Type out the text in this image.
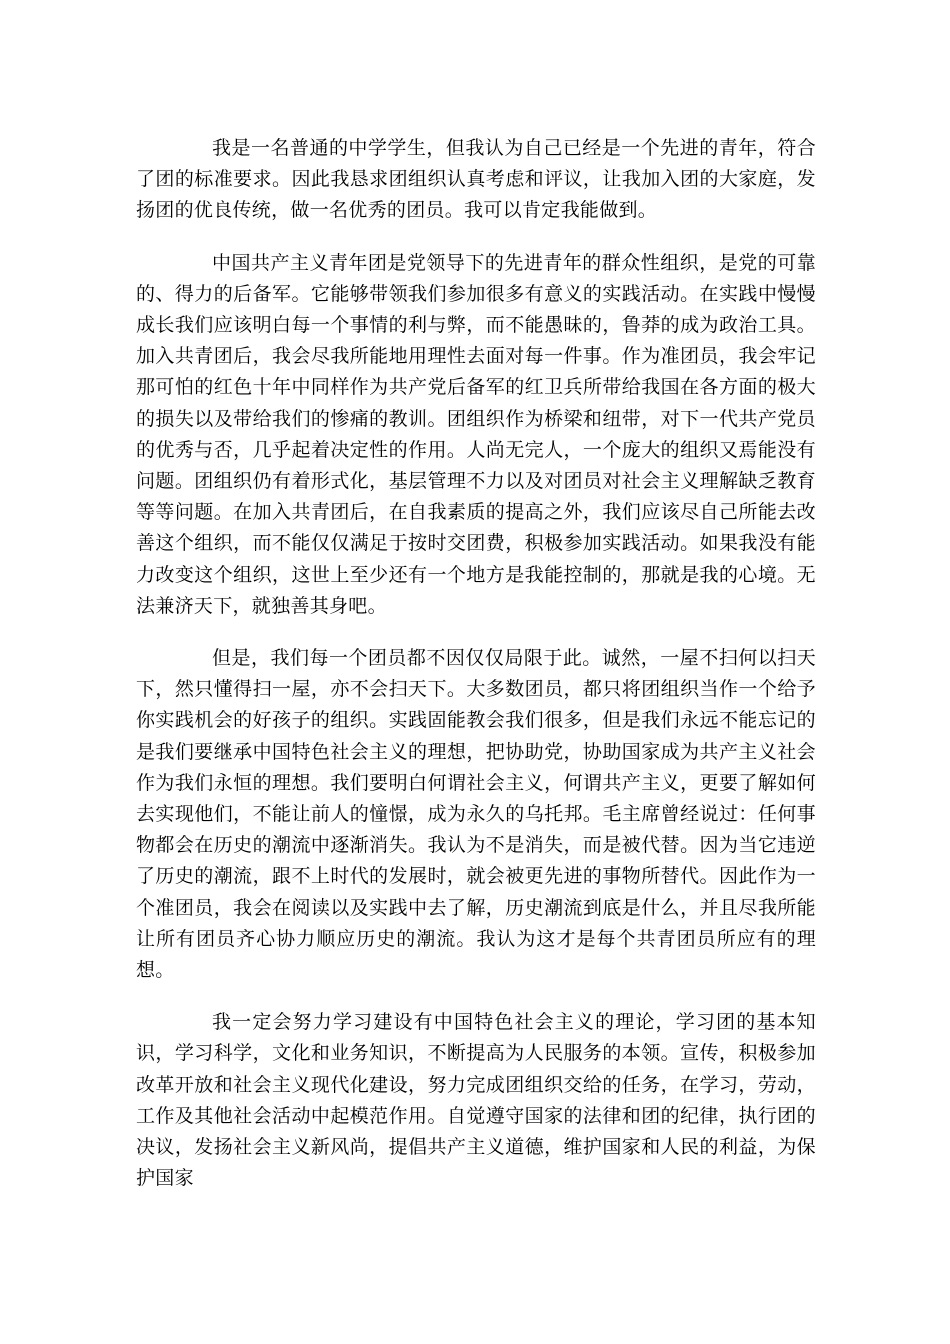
我是一名普通的中学学生，但我认为自己已经是一个先进的青年，符合了团的标准要求。因此我恳求团组织认真考虑和评议，让我加入团的大家庭，发扬团的优良传统，做一名优秀的团员。我可以肯定我能做到。

中国共产主义青年团是党领导下的先进青年的群众性组织，是党的可靠的、得力的后备军。它能够带领我们参加很多有意义的实践活动。在实践中慢慢成长我们应该明白每一个事情的利与弊，而不能愚昧的，鲁莽的成为政治工具。加入共青团后，我会尽我所能地用理性去面对每一件事。作为准团员，我会牢记那可怕的红色十年中同样作为共产党后备军的红卫兵所带给我国在各方面的极大的损失以及带给我们的惨痛的教训。团组织作为桥梁和纽带，对下一代共产党员的优秀与否，几乎起着决定性的作用。人尚无完人，一个庞大的组织又焉能没有问题。团组织仍有着形式化，基层管理不力以及对团员对社会主义理解缺乏教育等等问题。在加入共青团后，在自我素质的提高之外，我们应该尽自己所能去改善这个组织，而不能仅仅满足于按时交团费，积极参加实践活动。如果我没有能力改变这个组织，这世上至少还有一个地方是我能控制的，那就是我的心境。无法兼济天下，就独善其身吧。

但是，我们每一个团员都不因仅仅局限于此。诚然，一屋不扫何以扫天下，然只懂得扫一屋，亦不会扫天下。大多数团员，都只将团组织当作一个给予你实践机会的好孩子的组织。实践固能教会我们很多，但是我们永远不能忘记的是我们要继承中国特色社会主义的理想，把协助党，协助国家成为共产主义社会作为我们永恒的理想。我们要明白何谓社会主义，何谓共产主义，更要了解如何去实现他们，不能让前人的憧憬，成为永久的乌托邦。毛主席曾经说过：任何事物都会在历史的潮流中逐渐消失。我认为不是消失，而是被代替。因为当它违逆了历史的潮流，跟不上时代的发展时，就会被更先进的事物所替代。因此作为一个准团员，我会在阅读以及实践中去了解，历史潮流到底是什么，并且尽我所能让所有团员齐心协力顺应历史的潮流。我认为这才是每个共青团员所应有的理想。

我一定会努力学习建设有中国特色社会主义的理论，学习团的基本知识，学习科学，文化和业务知识，不断提高为人民服务的本领。宣传，积极参加改革开放和社会主义现代化建设，努力完成团组织交给的任务，在学习，劳动，工作及其他社会活动中起模范作用。自觉遵守国家的法律和团的纪律，执行团的决议，发扬社会主义新风尚，提倡共产主义道德，维护国家和人民的利益，为保护国家
